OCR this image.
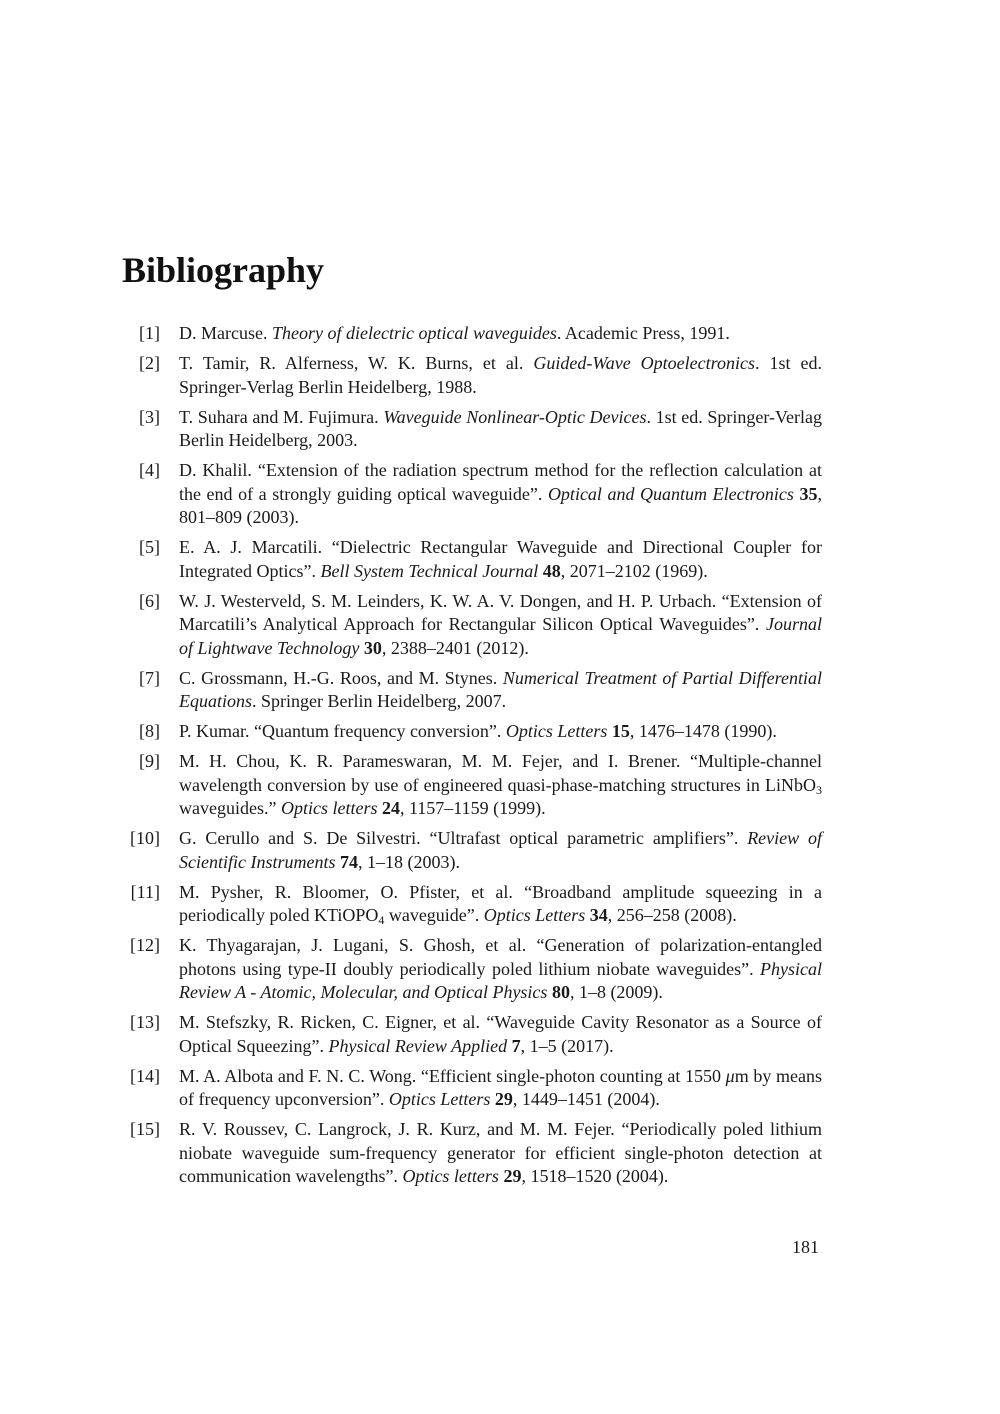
Bibliography
[1] D. Marcuse. Theory of dielectric optical waveguides. Academic Press, 1991.
[2] T. Tamir, R. Alferness, W. K. Burns, et al. Guided-Wave Optoelectronics. 1st ed. Springer-Verlag Berlin Heidelberg, 1988.
[3] T. Suhara and M. Fujimura. Waveguide Nonlinear-Optic Devices. 1st ed. Springer-Verlag Berlin Heidelberg, 2003.
[4] D. Khalil. “Extension of the radiation spectrum method for the reflection calculation at the end of a strongly guiding optical waveguide”. Optical and Quantum Electronics 35, 801–809 (2003).
[5] E. A. J. Marcatili. “Dielectric Rectangular Waveguide and Directional Coupler for Integrated Optics”. Bell System Technical Journal 48, 2071–2102 (1969).
[6] W. J. Westerveld, S. M. Leinders, K. W. A. V. Dongen, and H. P. Urbach. “Extension of Marcatili’s Analytical Approach for Rectangular Silicon Optical Waveguides”. Journal of Lightwave Technology 30, 2388–2401 (2012).
[7] C. Grossmann, H.-G. Roos, and M. Stynes. Numerical Treatment of Partial Differential Equations. Springer Berlin Heidelberg, 2007.
[8] P. Kumar. “Quantum frequency conversion”. Optics Letters 15, 1476–1478 (1990).
[9] M. H. Chou, K. R. Parameswaran, M. M. Fejer, and I. Brener. “Multiple-channel wavelength conversion by use of engineered quasi-phase-matching structures in LiNbO$_3$ waveguides.” Optics letters 24, 1157–1159 (1999).
[10] G. Cerullo and S. De Silvestri. “Ultrafast optical parametric amplifiers”. Review of Scientific Instruments 74, 1–18 (2003).
[11] M. Pysher, R. Bloomer, O. Pfister, et al. “Broadband amplitude squeezing in a periodically poled KTiOPO$_4$ waveguide”. Optics Letters 34, 256–258 (2008).
[12] K. Thyagarajan, J. Lugani, S. Ghosh, et al. “Generation of polarization-entangled photons using type-II doubly periodically poled lithium niobate waveguides”. Physical Review A - Atomic, Molecular, and Optical Physics 80, 1–8 (2009).
[13] M. Stefszky, R. Ricken, C. Eigner, et al. “Waveguide Cavity Resonator as a Source of Optical Squeezing”. Physical Review Applied 7, 1–5 (2017).
[14] M. A. Albota and F. N. C. Wong. “Efficient single-photon counting at 1550 μm by means of frequency upconversion”. Optics Letters 29, 1449–1451 (2004).
[15] R. V. Roussev, C. Langrock, J. R. Kurz, and M. M. Fejer. “Periodically poled lithium niobate waveguide sum-frequency generator for efficient single-photon detection at communication wavelengths”. Optics letters 29, 1518–1520 (2004).
181
